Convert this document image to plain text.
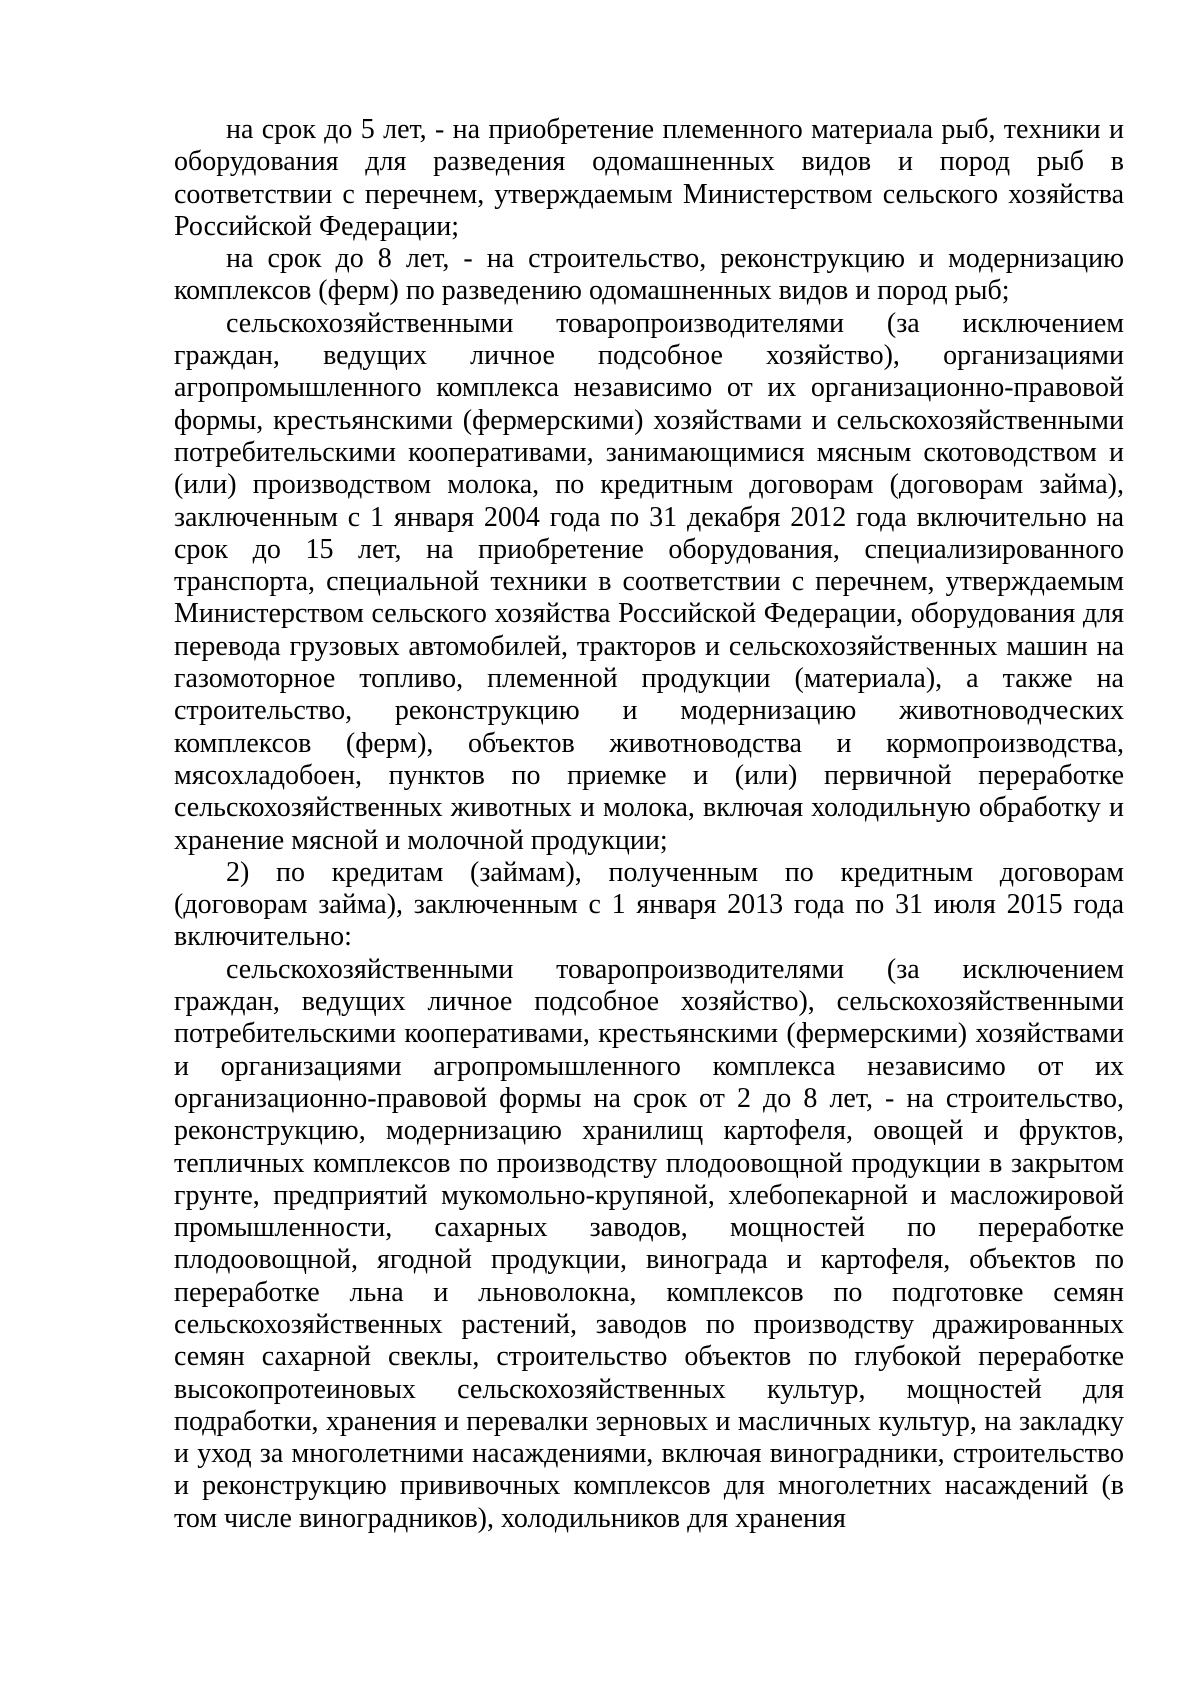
на срок до 5 лет, - на приобретение племенного материала рыб, техники и оборудования для разведения одомашненных видов и пород рыб в соответствии с перечнем, утверждаемым Министерством сельского хозяйства Российской Федерации;

на срок до 8 лет, - на строительство, реконструкцию и модернизацию комплексов (ферм) по разведению одомашненных видов и пород рыб;

сельскохозяйственными товаропроизводителями (за исключением граждан, ведущих личное подсобное хозяйство), организациями агропромышленного комплекса независимо от их организационно-правовой формы, крестьянскими (фермерскими) хозяйствами и сельскохозяйственными потребительскими кооперативами, занимающимися мясным скотоводством и (или) производством молока, по кредитным договорам (договорам займа), заключенным с 1 января 2004 года по 31 декабря 2012 года включительно на срок до 15 лет, на приобретение оборудования, специализированного транспорта, специальной техники в соответствии с перечнем, утверждаемым Министерством сельского хозяйства Российской Федерации, оборудования для перевода грузовых автомобилей, тракторов и сельскохозяйственных машин на газомоторное топливо, племенной продукции (материала), а также на строительство, реконструкцию и модернизацию животноводческих комплексов (ферм), объектов животноводства и кормопроизводства, мясохладобоен, пунктов по приемке и (или) первичной переработке сельскохозяйственных животных и молока, включая холодильную обработку и хранение мясной и молочной продукции;

2) по кредитам (займам), полученным по кредитным договорам (договорам займа), заключенным с 1 января 2013 года по 31 июля 2015 года включительно:

сельскохозяйственными товаропроизводителями (за исключением граждан, ведущих личное подсобное хозяйство), сельскохозяйственными потребительскими кооперативами, крестьянскими (фермерскими) хозяйствами и организациями агропромышленного комплекса независимо от их организационно-правовой формы на срок от 2 до 8 лет, - на строительство, реконструкцию, модернизацию хранилищ картофеля, овощей и фруктов, тепличных комплексов по производству плодоовощной продукции в закрытом грунте, предприятий мукомольно-крупяной, хлебопекарной и масложировой промышленности, сахарных заводов, мощностей по переработке плодоовощной, ягодной продукции, винограда и картофеля, объектов по переработке льна и льноволокна, комплексов по подготовке семян сельскохозяйственных растений, заводов по производству дражированных семян сахарной свеклы, строительство объектов по глубокой переработке высокопротеиновых сельскохозяйственных культур, мощностей для подработки, хранения и перевалки зерновых и масличных культур, на закладку и уход за многолетними насаждениями, включая виноградники, строительство и реконструкцию прививочных комплексов для многолетних насаждений (в том числе виноградников), холодильников для хранения
